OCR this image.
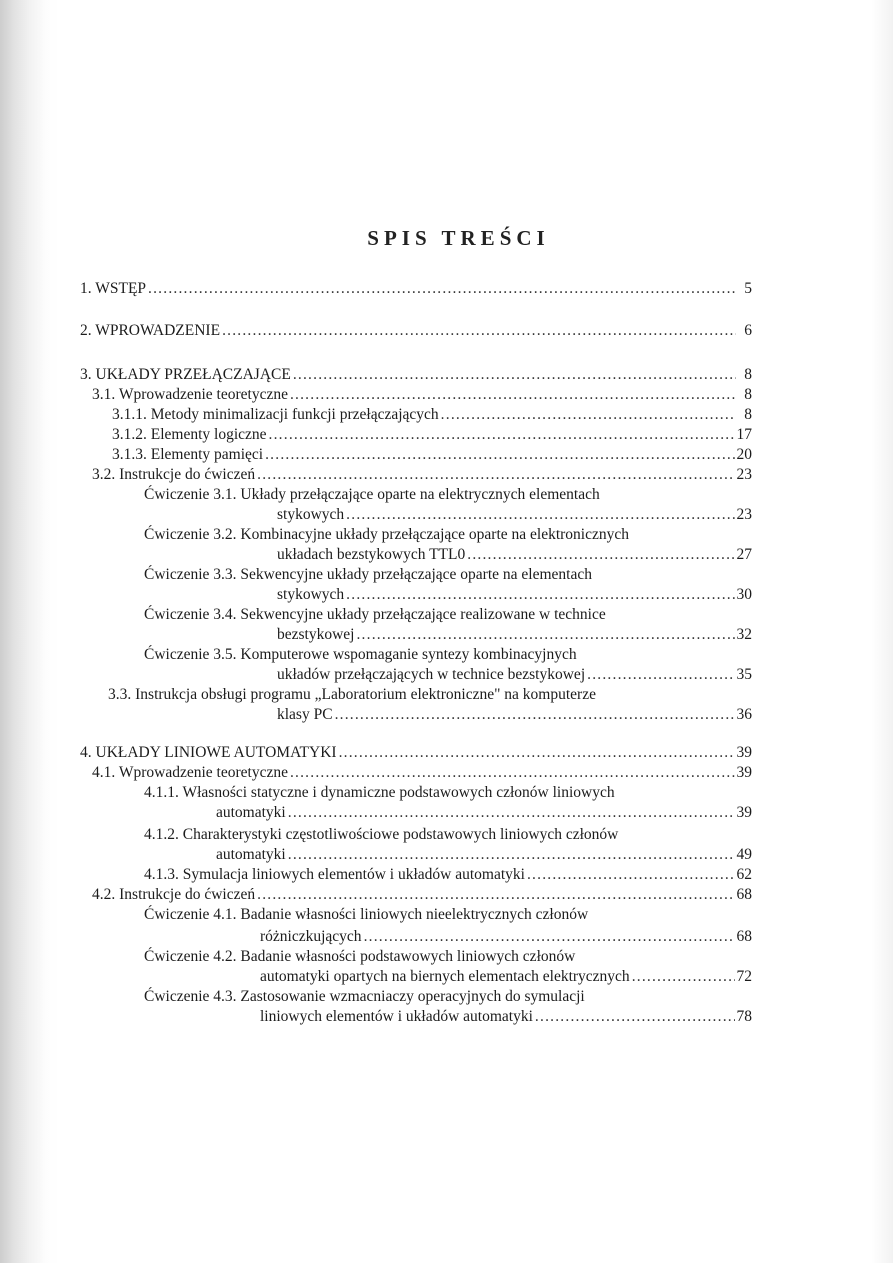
SPIS TREŚCI
1. WSTĘP .....	5
2. WPROWADZENIE .....	6
3. UKŁADY PRZEŁĄCZAJĄCE .....	8
3.1. Wprowadzenie teoretyczne .....	8
3.1.1. Metody minimalizacji funkcji przełączających .....	8
3.1.2. Elementy logiczne .....	17
3.1.3. Elementy pamięci .....	20
3.2. Instrukcje do ćwiczeń .....	23
Ćwiczenie 3.1. Układy przełączające oparte na elektrycznych elementach
stykowych .....	23
Ćwiczenie 3.2. Kombinacyjne układy przełączające oparte na elektronicznych
układach bezstykowych TTL0 .....	27
Ćwiczenie 3.3. Sekwencyjne układy przełączające oparte na elementach
stykowych .....	30
Ćwiczenie 3.4. Sekwencyjne układy przełączające realizowane w technice
bezstykowej .....	32
Ćwiczenie 3.5. Komputerowe wspomaganie syntezy kombinacyjnych
układów przełączających w technice bezstykowej .....	35
3.3. Instrukcja obsługi programu „Laboratorium elektroniczne" na komputerze
klasy PC .....	36
4. UKŁADY LINIOWE AUTOMATYKI .....	39
4.1. Wprowadzenie teoretyczne .....	39
4.1.1. Własności statyczne i dynamiczne podstawowych członów liniowych
automatyki .....	39
4.1.2. Charakterystyki częstotliwościowe podstawowych liniowych członów
automatyki .....	49
4.1.3. Symulacja liniowych elementów i układów automatyki .....	62
4.2. Instrukcje do ćwiczeń .....	68
Ćwiczenie 4.1. Badanie własności liniowych nieelektrycznych członów
różniczkujących .....	68
Ćwiczenie 4.2. Badanie własności podstawowych liniowych członów
automatyki opartych na biernych elementach elektrycznych .....	72
Ćwiczenie 4.3. Zastosowanie wzmacniaczy operacyjnych do symulacji
liniowych elementów i układów automatyki .....	78
